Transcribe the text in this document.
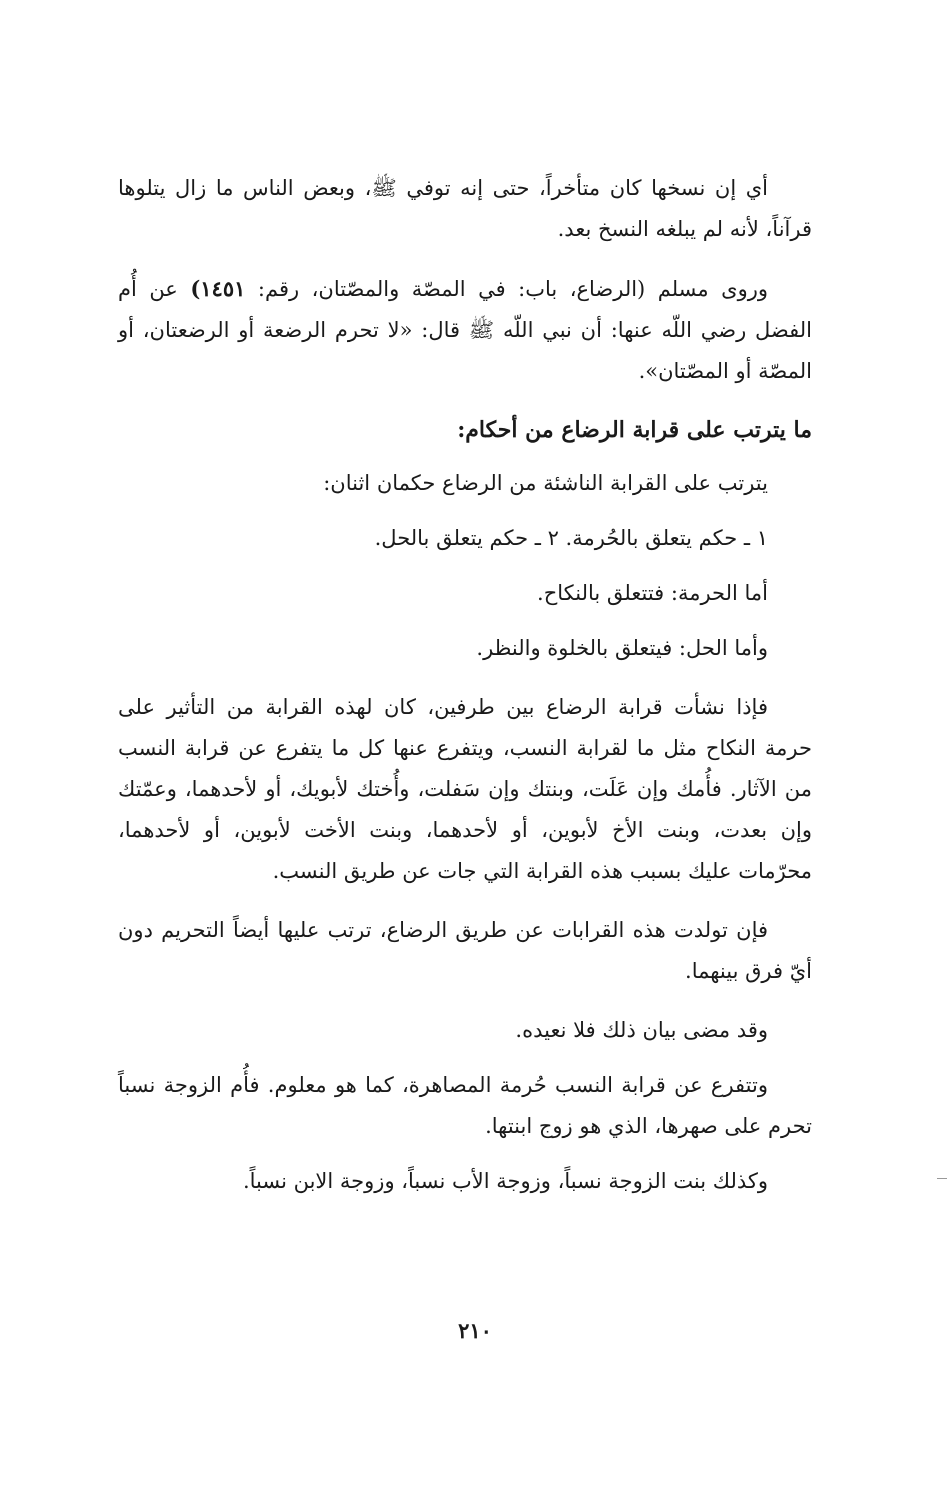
أي إن نسخها كان متأخراً، حتى إنه توفي ﷺ، وبعض الناس ما زال يتلوها قرآناً، لأنه لم يبلغه النسخ بعد.

وروى مسلم (الرضاع، باب: في المصّة والمصّتان، رقم: ١٤٥١) عن أُم الفضل رضي اللّه عنها: أن نبي اللّه ﷺ قال: «لا تحرم الرضعة أو الرضعتان، أو المصّة أو المصّتان».

ما يترتب على قرابة الرضاع من أحكام:

يترتب على القرابة الناشئة من الرضاع حكمان اثنان:

١ ـ حكم يتعلق بالحُرمة. ٢ ـ حكم يتعلق بالحل.

أما الحرمة: فتتعلق بالنكاح.

وأما الحل: فيتعلق بالخلوة والنظر.

فإذا نشأت قرابة الرضاع بين طرفين، كان لهذه القرابة من التأثير على حرمة النكاح مثل ما لقرابة النسب، ويتفرع عنها كل ما يتفرع عن قرابة النسب من الآثار. فأُمك وإن عَلَت، وبنتك وإن سَفلت، وأُختك لأبويك، أو لأحدهما، وعمّتك وإن بعدت، وبنت الأخ لأبوين، أو لأحدهما، وبنت الأخت لأبوين، أو لأحدهما، محرّمات عليك بسبب هذه القرابة التي جات عن طريق النسب.

فإن تولدت هذه القرابات عن طريق الرضاع، ترتب عليها أيضاً التحريم دون أيّ فرق بينهما.

وقد مضى بيان ذلك فلا نعيده.

وتتفرع عن قرابة النسب حُرمة المصاهرة، كما هو معلوم. فأُم الزوجة نسباً تحرم على صهرها، الذي هو زوج ابنتها.

وكذلك بنت الزوجة نسباً، وزوجة الأب نسباً، وزوجة الابن نسباً.

٢١٠
